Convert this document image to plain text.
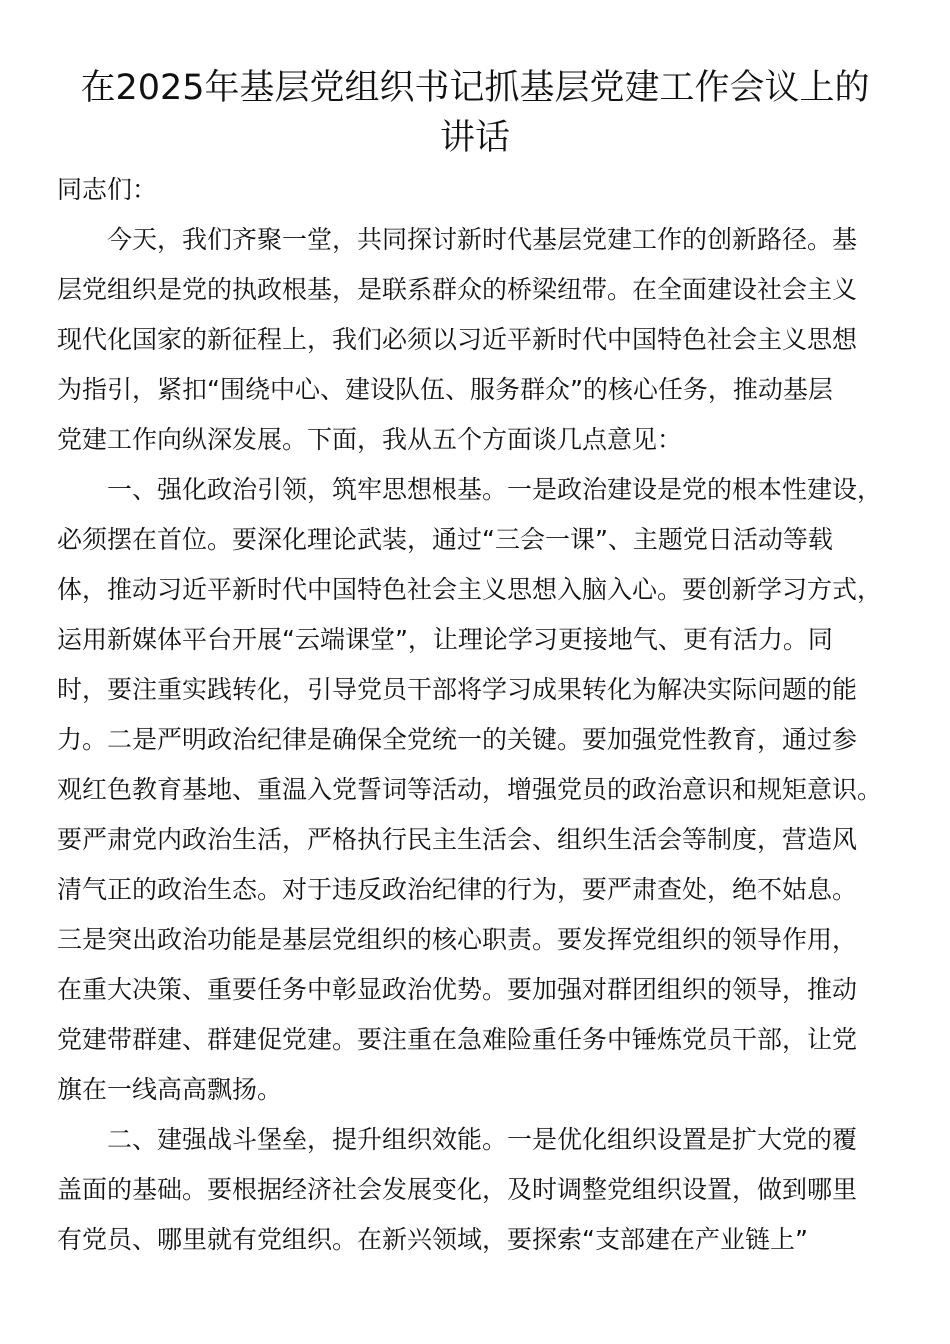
在2025年基层党组织书记抓基层党建工作会议上的
讲话
同志们：
今天，我们齐聚一堂，共同探讨新时代基层党建工作的创新路径。基
层党组织是党的执政根基，是联系群众的桥梁纽带。在全面建设社会主义
现代化国家的新征程上，我们必须以习近平新时代中国特色社会主义思想
为指引，紧扣“围绕中心、建设队伍、服务群众”的核心任务，推动基层
党建工作向纵深发展。下面，我从五个方面谈几点意见：
一、强化政治引领，筑牢思想根基。一是政治建设是党的根本性建设，
必须摆在首位。要深化理论武装，通过“三会一课”、主题党日活动等载
体，推动习近平新时代中国特色社会主义思想入脑入心。要创新学习方式，
运用新媒体平台开展“云端课堂”，让理论学习更接地气、更有活力。同
时，要注重实践转化，引导党员干部将学习成果转化为解决实际问题的能
力。二是严明政治纪律是确保全党统一的关键。要加强党性教育，通过参
观红色教育基地、重温入党誓词等活动，增强党员的政治意识和规矩意识。
要严肃党内政治生活，严格执行民主生活会、组织生活会等制度，营造风
清气正的政治生态。对于违反政治纪律的行为，要严肃查处，绝不姑息。
三是突出政治功能是基层党组织的核心职责。要发挥党组织的领导作用，
在重大决策、重要任务中彰显政治优势。要加强对群团组织的领导，推动
党建带群建、群建促党建。要注重在急难险重任务中锤炼党员干部，让党
旗在一线高高飘扬。
二、建强战斗堡垒，提升组织效能。一是优化组织设置是扩大党的覆
盖面的基础。要根据经济社会发展变化，及时调整党组织设置，做到哪里
有党员、哪里就有党组织。在新兴领域，要探索“支部建在产业链上”
